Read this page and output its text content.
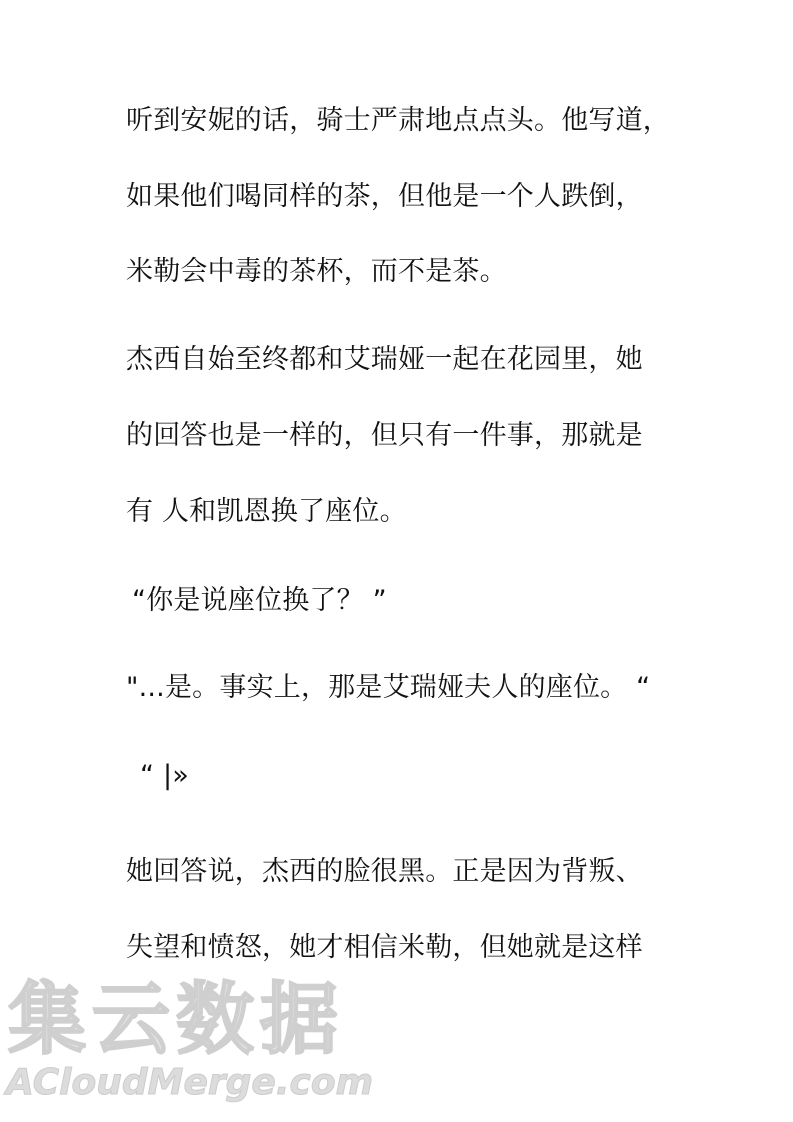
听到安妮的话，骑士严肃地点点头。他写道，
如果他们喝同样的茶，但他是一个人跌倒，
米勒会中毒的茶杯，而不是茶。
杰西自始至终都和艾瑞娅一起在花园里，她
的回答也是一样的，但只有一件事，那就是
有 人和凯恩换了座位。
“你是说座位换了？ ”
"...是。事实上，那是艾瑞娅夫人的座位。 “
“ |»
她回答说，杰西的脸很黑。正是因为背叛、
失望和愤怒，她才相信米勒，但她就是这样
集云数据
ACloudMerge.com
